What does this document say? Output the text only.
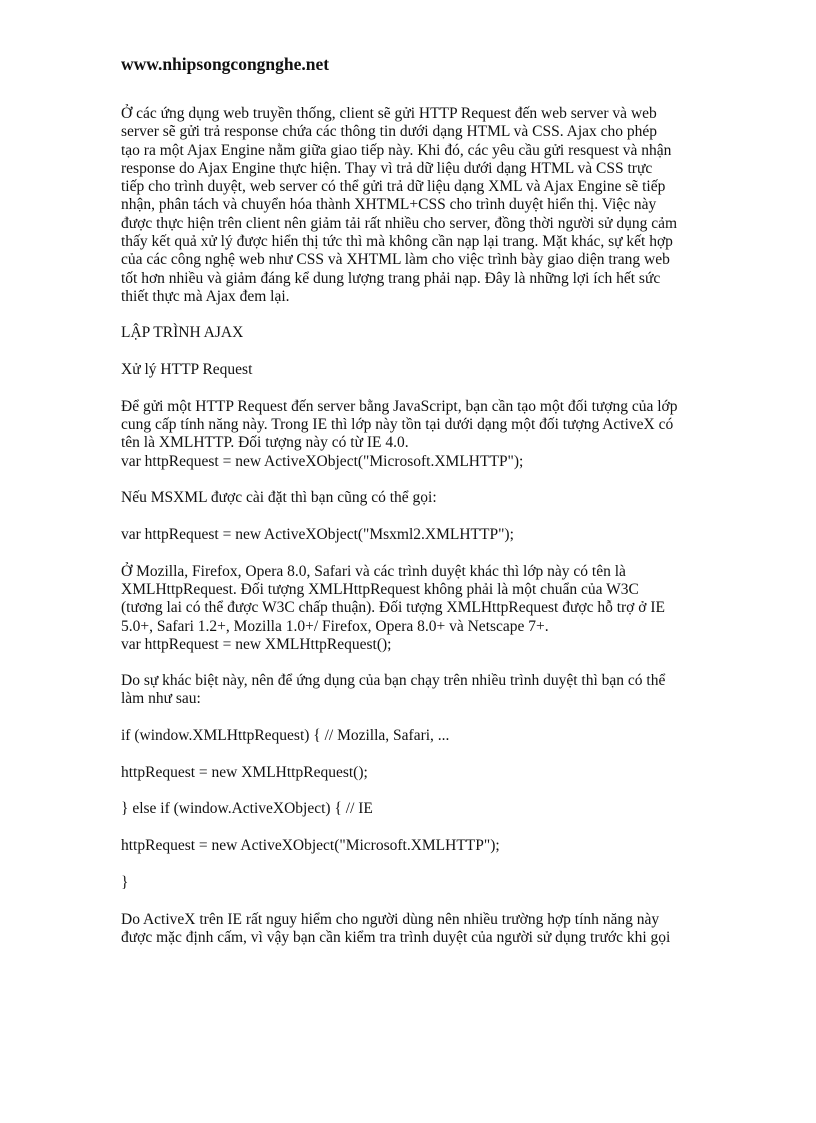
www.nhipsongcongnghe.net

Ở các ứng dụng web truyền thống, client sẽ gửi HTTP Request đến web server và web
server sẽ gửi trả response chứa các thông tin dưới dạng HTML và CSS. Ajax cho phép
tạo ra một Ajax Engine nằm giữa giao tiếp này. Khi đó, các yêu cầu gửi resquest và nhận
response do Ajax Engine thực hiện. Thay vì trả dữ liệu dưới dạng HTML và CSS trực
tiếp cho trình duyệt, web server có thể gửi trả dữ liệu dạng XML và Ajax Engine sẽ tiếp
nhận, phân tách và chuyển hóa thành XHTML+CSS cho trình duyệt hiển thị. Việc này
được thực hiện trên client nên giảm tải rất nhiều cho server, đồng thời người sử dụng cảm
thấy kết quả xử lý được hiển thị tức thì mà không cần nạp lại trang. Mặt khác, sự kết hợp
của các công nghệ web như CSS và XHTML làm cho việc trình bày giao diện trang web
tốt hơn nhiều và giảm đáng kể dung lượng trang phải nạp. Đây là những lợi ích hết sức
thiết thực mà Ajax đem lại.

LẬP TRÌNH AJAX

Xử lý HTTP Request

Để gửi một HTTP Request đến server bằng JavaScript, bạn cần tạo một đối tượng của lớp
cung cấp tính năng này. Trong IE thì lớp này tồn tại dưới dạng một đối tượng ActiveX có
tên là XMLHTTP. Đối tượng này có từ IE 4.0.
var httpRequest = new ActiveXObject("Microsoft.XMLHTTP");

Nếu MSXML được cài đặt thì bạn cũng có thể gọi:

var httpRequest = new ActiveXObject("Msxml2.XMLHTTP");

Ở Mozilla, Firefox, Opera 8.0, Safari và các trình duyệt khác thì lớp này có tên là
XMLHttpRequest. Đối tượng XMLHttpRequest không phải là một chuẩn của W3C
(tương lai có thể được W3C chấp thuận). Đối tượng XMLHttpRequest được hỗ trợ ở IE
5.0+, Safari 1.2+, Mozilla 1.0+/ Firefox, Opera 8.0+ và Netscape 7+.
var httpRequest = new XMLHttpRequest();

Do sự khác biệt này, nên để ứng dụng của bạn chạy trên nhiều trình duyệt thì bạn có thể
làm như sau:

if (window.XMLHttpRequest) { // Mozilla, Safari, ...

httpRequest = new XMLHttpRequest();

} else if (window.ActiveXObject) { // IE

httpRequest = new ActiveXObject("Microsoft.XMLHTTP");

}

Do ActiveX trên IE rất nguy hiểm cho người dùng nên nhiều trường hợp tính năng này
được mặc định cấm, vì vậy bạn cần kiểm tra trình duyệt của người sử dụng trước khi gọi
